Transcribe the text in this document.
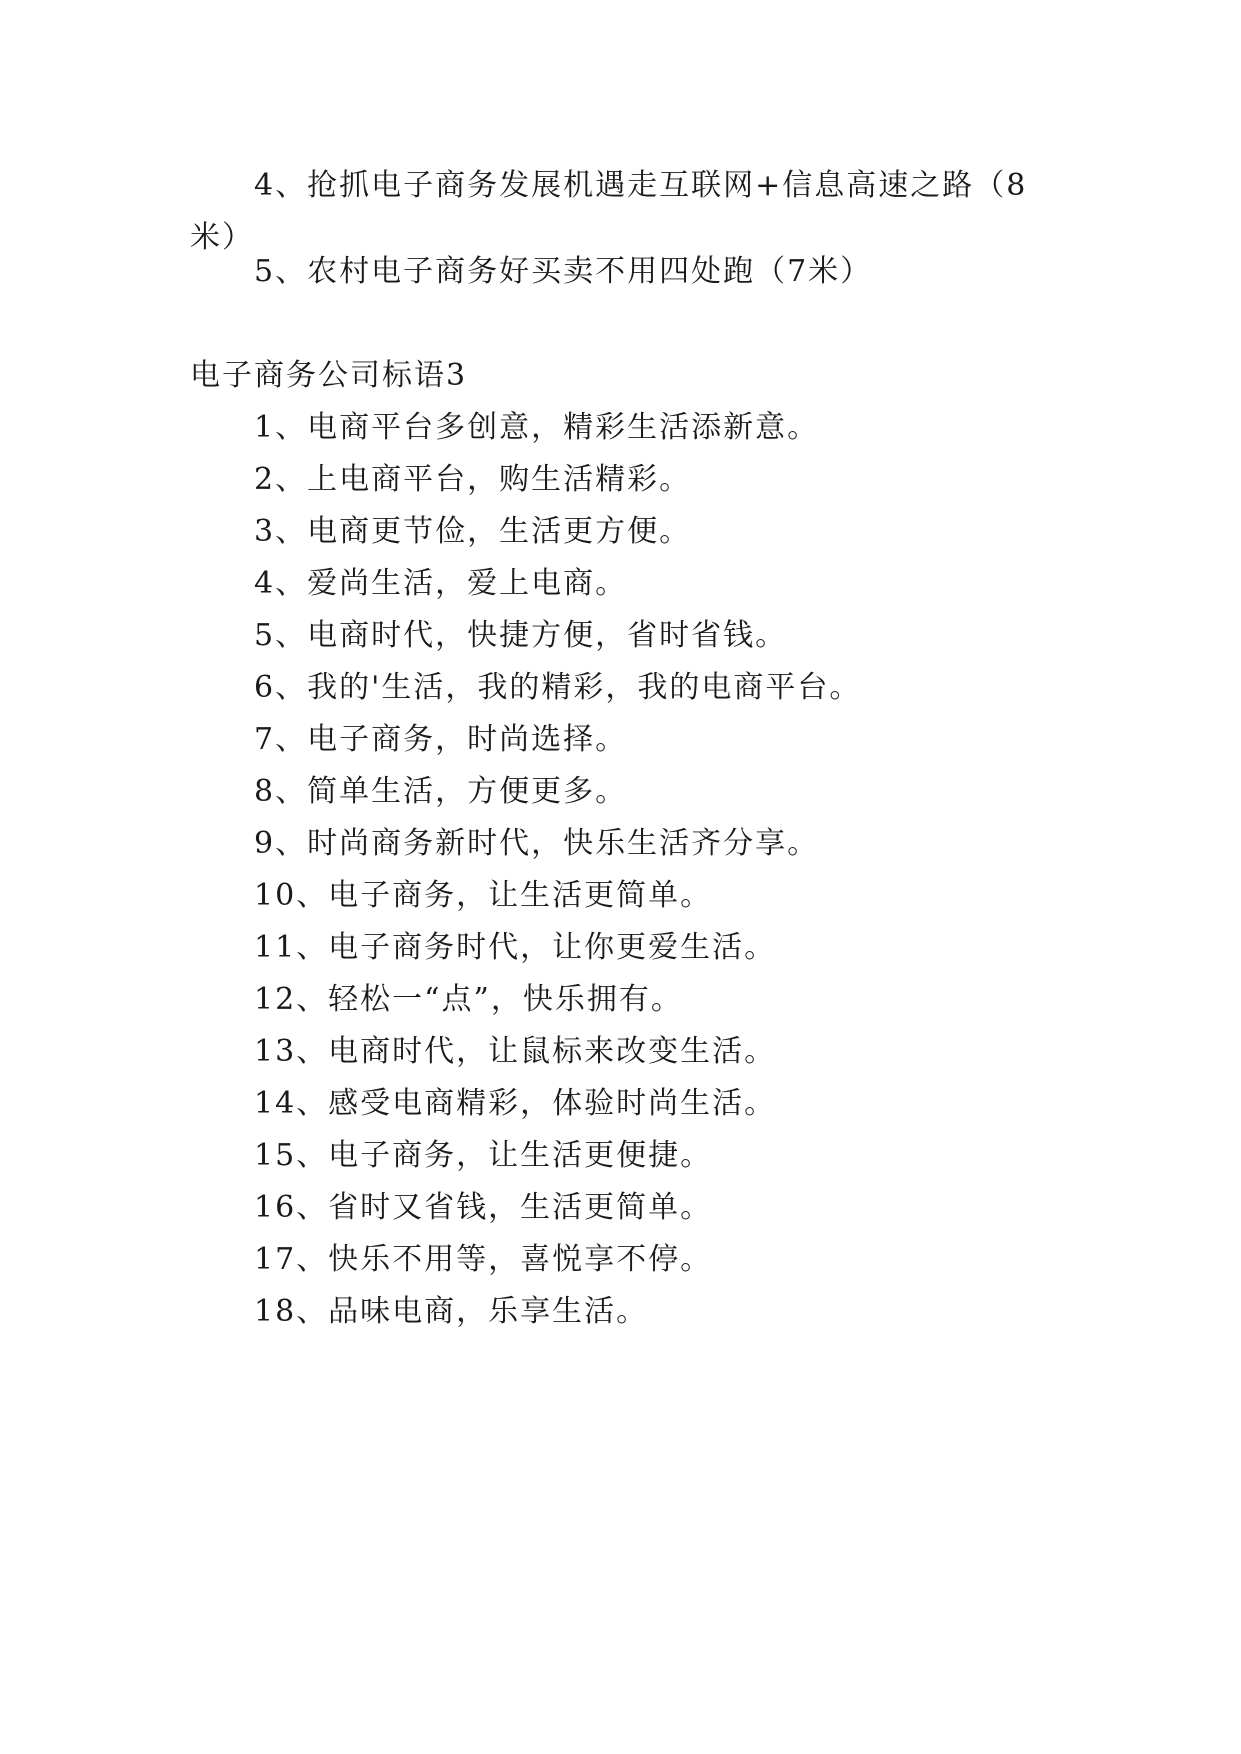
4、抢抓电子商务发展机遇走互联网+信息高速之路（8米）
5、农村电子商务好买卖不用四处跑（7米）
电子商务公司标语3
1、电商平台多创意，精彩生活添新意。
2、上电商平台，购生活精彩。
3、电商更节俭，生活更方便。
4、爱尚生活，爱上电商。
5、电商时代，快捷方便，省时省钱。
6、我的'生活，我的精彩，我的电商平台。
7、电子商务，时尚选择。
8、简单生活，方便更多。
9、时尚商务新时代，快乐生活齐分享。
10、电子商务，让生活更简单。
11、电子商务时代，让你更爱生活。
12、轻松一“点”，快乐拥有。
13、电商时代，让鼠标来改变生活。
14、感受电商精彩，体验时尚生活。
15、电子商务，让生活更便捷。
16、省时又省钱，生活更简单。
17、快乐不用等，喜悦享不停。
18、品味电商，乐享生活。
